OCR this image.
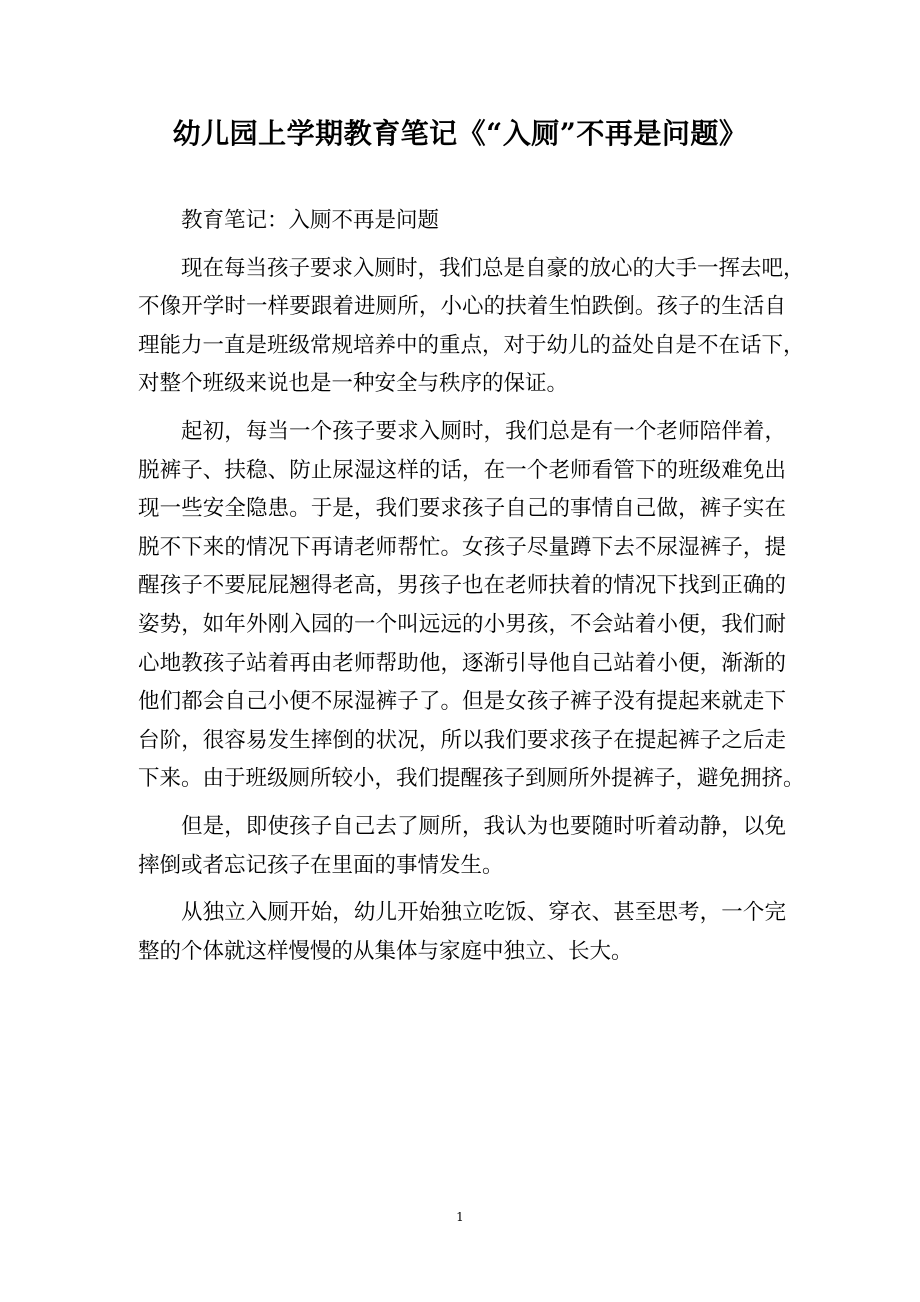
幼儿园上学期教育笔记《“入厕”不再是问题》
教育笔记：入厕不再是问题
现在每当孩子要求入厕时，我们总是自豪的放心的大手一挥去吧，
不像开学时一样要跟着进厕所，小心的扶着生怕跌倒。孩子的生活自
理能力一直是班级常规培养中的重点，对于幼儿的益处自是不在话下，
对整个班级来说也是一种安全与秩序的保证。
起初，每当一个孩子要求入厕时，我们总是有一个老师陪伴着，
脱裤子、扶稳、防止尿湿这样的话，在一个老师看管下的班级难免出
现一些安全隐患。于是，我们要求孩子自己的事情自己做，裤子实在
脱不下来的情况下再请老师帮忙。女孩子尽量蹲下去不尿湿裤子，提
醒孩子不要屁屁翘得老高，男孩子也在老师扶着的情况下找到正确的
姿势，如年外刚入园的一个叫远远的小男孩，不会站着小便，我们耐
心地教孩子站着再由老师帮助他，逐渐引导他自己站着小便，渐渐的
他们都会自己小便不尿湿裤子了。但是女孩子裤子没有提起来就走下
台阶，很容易发生摔倒的状况，所以我们要求孩子在提起裤子之后走
下来。由于班级厕所较小，我们提醒孩子到厕所外提裤子，避免拥挤。
但是，即使孩子自己去了厕所，我认为也要随时听着动静，以免
摔倒或者忘记孩子在里面的事情发生。
从独立入厕开始，幼儿开始独立吃饭、穿衣、甚至思考，一个完
整的个体就这样慢慢的从集体与家庭中独立、长大。
1
